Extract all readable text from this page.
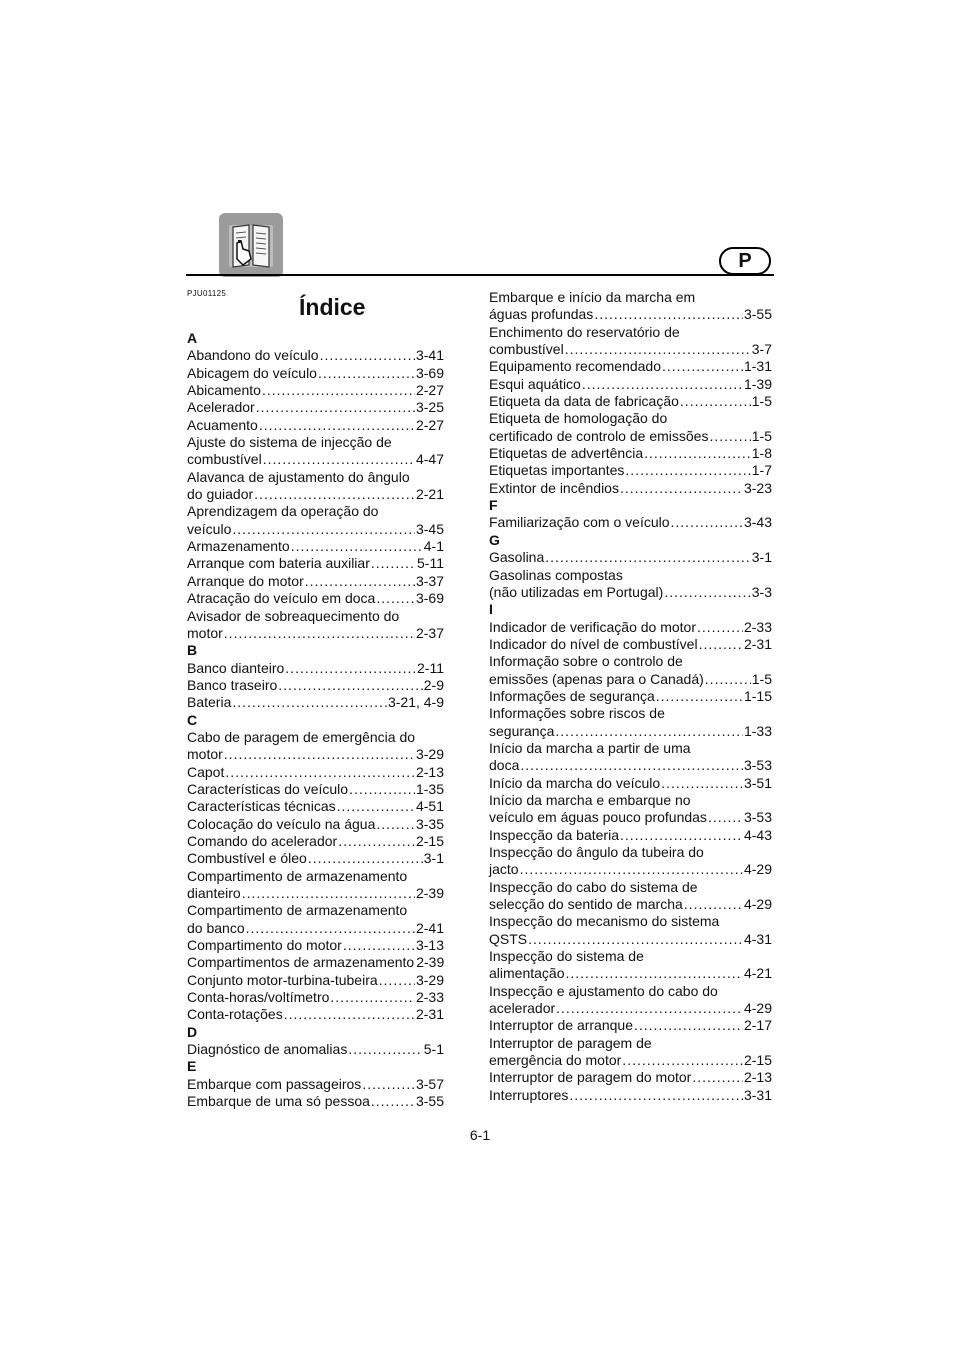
P
PJU01125
Índice
A
Abandono do veículo .....	3-41
Abicagem do veículo .....	3-69
Abicamento .....	2-27
Acelerador .....	3-25
Acuamento .....	2-27
Ajuste do sistema de injecção de
combustível .....	4-47
Alavanca de ajustamento do ângulo
do guiador .....	2-21
Aprendizagem da operação do
veículo .....	3-45
Armazenamento .....	4-1
Arranque com bateria auxiliar .....	5-11
Arranque do motor .....	3-37
Atracação do veículo em doca .....	3-69
Avisador de sobreaquecimento do
motor .....	2-37
B
Banco dianteiro .....	2-11
Banco traseiro .....	2-9
Bateria .....	3-21, 4-9
C
Cabo de paragem de emergência do
motor .....	3-29
Capot .....	2-13
Características do veículo .....	1-35
Características técnicas .....	4-51
Colocação do veículo na água .....	3-35
Comando do acelerador .....	2-15
Combustível e óleo .....	3-1
Compartimento de armazenamento
dianteiro .....	2-39
Compartimento de armazenamento
do banco .....	2-41
Compartimento do motor .....	3-13
Compartimentos de armazenamento 2-39
Conjunto motor-turbina-tubeira .....	3-29
Conta-horas/voltímetro .....	2-33
Conta-rotações .....	2-31
D
Diagnóstico de anomalias .....	5-1
E
Embarque com passageiros .....	3-57
Embarque de uma só pessoa .....	3-55
Embarque e início da marcha em
águas profundas .....	3-55
Enchimento do reservatório de
combustível .....	3-7
Equipamento recomendado .....	1-31
Esqui aquático .....	1-39
Etiqueta da data de fabricação .....	1-5
Etiqueta de homologação do
certificado de controlo de emissões .....	1-5
Etiquetas de advertência .....	1-8
Etiquetas importantes .....	1-7
Extintor de incêndios .....	3-23
F
Familiarização com o veículo .....	3-43
G
Gasolina .....	3-1
Gasolinas compostas
(não utilizadas em Portugal) .....	3-3
I
Indicador de verificação do motor .....	2-33
Indicador do nível de combustível .....	2-31
Informação sobre o controlo de
emissões (apenas para o Canadá) .....	1-5
Informações de segurança .....	1-15
Informações sobre riscos de
segurança .....	1-33
Início da marcha a partir de uma
doca .....	3-53
Início da marcha do veículo .....	3-51
Início da marcha e embarque no
veículo em águas pouco profundas .....	3-53
Inspecção da bateria .....	4-43
Inspecção do ângulo da tubeira do
jacto .....	4-29
Inspecção do cabo do sistema de
selecção do sentido de marcha .....	4-29
Inspecção do mecanismo do sistema
QSTS .....	4-31
Inspecção do sistema de
alimentação .....	4-21
Inspecção e ajustamento do cabo do
acelerador .....	4-29
Interruptor de arranque .....	2-17
Interruptor de paragem de
emergência do motor .....	2-15
Interruptor de paragem do motor .....	2-13
Interruptores .....	3-31
6-1
